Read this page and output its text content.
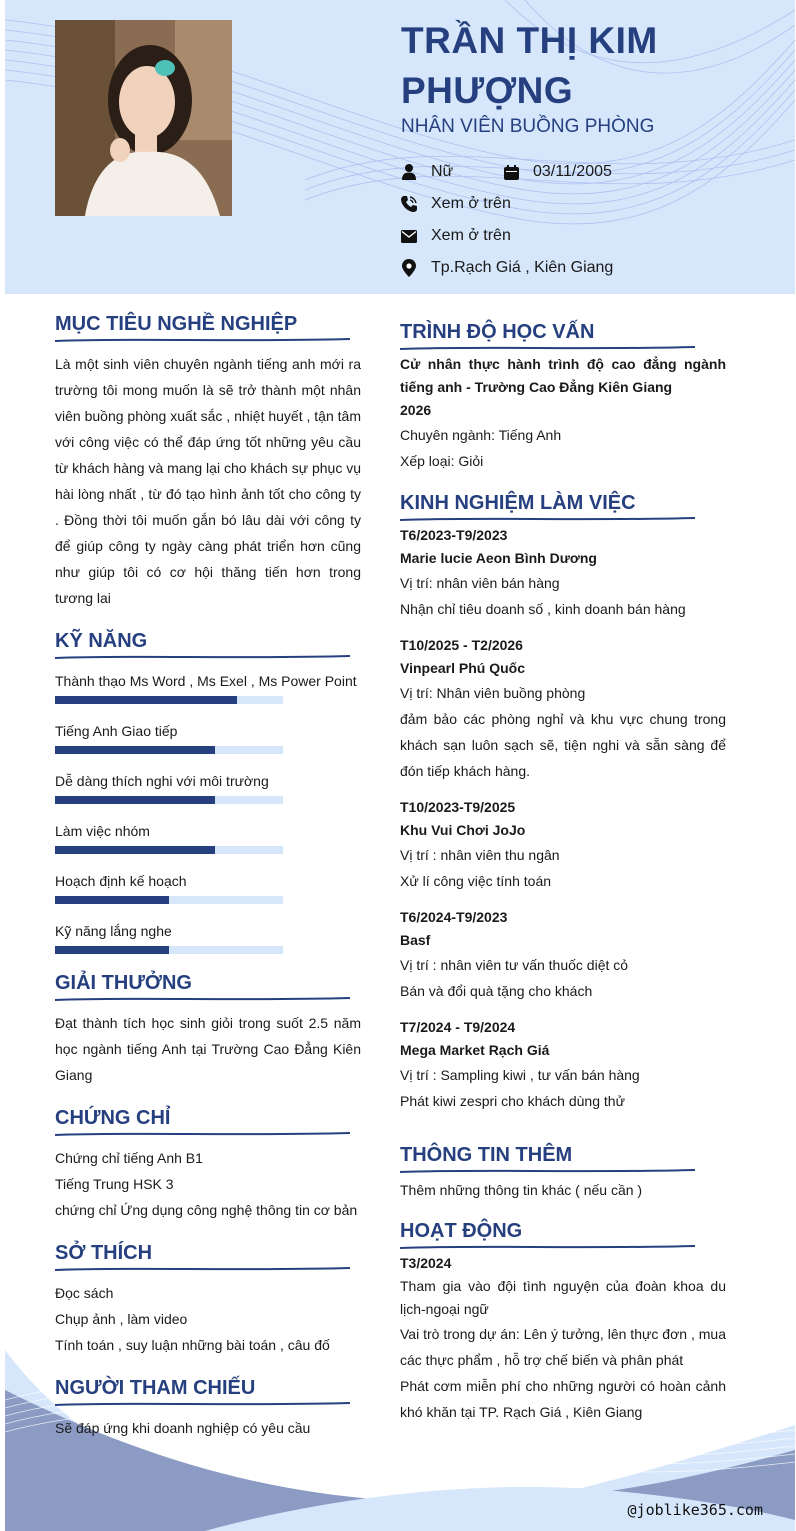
TRẦN THỊ KIM PHƯỢNG
NHÂN VIÊN BUỒNG PHÒNG
Nữ	03/11/2005
Xem ở trên
Xem ở trên
Tp.Rạch Giá , Kiên Giang
MỤC TIÊU NGHỀ NGHIỆP
Là một sinh viên chuyên ngành tiếng anh mới ra trường tôi mong muốn là sẽ trở thành một nhân viên buồng phòng xuất sắc , nhiệt huyết , tận tâm với công việc có thể đáp ứng tốt những yêu cầu từ khách hàng và mang lại cho khách sự phục vụ hài lòng nhất , từ đó tạo hình ảnh tốt cho công ty . Đồng thời tôi muốn gắn bó lâu dài với công ty để giúp công ty ngày càng phát triển hơn cũng như giúp tôi có cơ hội thăng tiến hơn trong tương lai
KỸ NĂNG
Thành thạo Ms Word , Ms Exel , Ms Power Point
Tiếng Anh Giao tiếp
Dễ dàng thích nghi với môi trường
Làm việc nhóm
Hoạch định kế hoạch
Kỹ năng lắng nghe
GIẢI THƯỞNG
Đạt thành tích học sinh giỏi trong suốt 2.5 năm học ngành tiếng Anh tại Trường Cao Đẳng Kiên Giang
CHỨNG CHỈ
Chứng chỉ tiếng Anh B1
Tiếng Trung HSK 3
chứng chỉ Ứng dụng công nghệ thông tin cơ bản
SỞ THÍCH
Đọc sách
Chụp ảnh , làm video
Tính toán , suy luận những bài toán , câu đố
NGƯỜI THAM CHIẾU
Sẽ đáp ứng khi doanh nghiệp có yêu cầu
TRÌNH ĐỘ HỌC VẤN
Cử nhân thực hành trình độ cao đẳng ngành tiếng anh - Trường Cao Đẳng Kiên Giang
2026
Chuyên ngành: Tiếng Anh
Xếp loại: Giỏi
KINH NGHIỆM LÀM VIỆC
T6/2023-T9/2023
Marie lucie Aeon Bình Dương
Vị trí: nhân viên bán hàng
Nhận chỉ tiêu doanh số , kinh doanh bán hàng
T10/2025 - T2/2026
Vinpearl Phú Quốc
Vị trí: Nhân viên buồng phòng
đảm bảo các phòng nghỉ và khu vực chung trong khách sạn luôn sạch sẽ, tiện nghi và sẵn sàng để đón tiếp khách hàng.
T10/2023-T9/2025
Khu Vui Chơi JoJo
Vị trí : nhân viên thu ngân
Xử lí công việc tính toán
T6/2024-T9/2023
Basf
Vị trí : nhân viên tư vấn thuốc diệt cỏ
Bán và đổi quà tặng cho khách
T7/2024 - T9/2024
Mega Market Rạch Giá
Vị trí : Sampling kiwi , tư vấn bán hàng
Phát kiwi zespri cho khách dùng thử
THÔNG TIN THÊM
Thêm những thông tin khác ( nếu cần )
HOẠT ĐỘNG
T3/2024
Tham gia vào đội tình nguyện của đoàn khoa du lịch-ngoại ngữ
Vai trò trong dự án: Lên ý tưởng, lên thực đơn , mua các thực phẩm , hỗ trợ chế biến và phân phát
Phát cơm miễn phí cho những người có hoàn cảnh khó khăn tại TP. Rạch Giá , Kiên Giang
@joblike365.com
